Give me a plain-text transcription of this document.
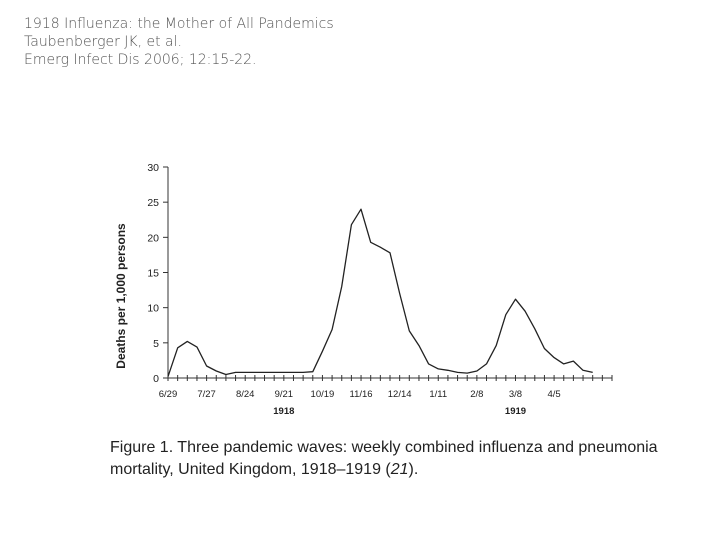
1918 Influenza: the Mother of All Pandemics
Taubenberger JK, et al.
Emerg Infect Dis 2006; 12:15-22.
0
5
10
15
20
25
30
6/29 7/27 8/24 9/21 10/19 11/16 12/14 1/11 2/8	3/8	4/5
Deaths per 1,000 persons
1918	1919
Figure 1. Three pandemic waves: weekly combined influenza and pneumonia mortality, United Kingdom, 1918–1919 (21).
